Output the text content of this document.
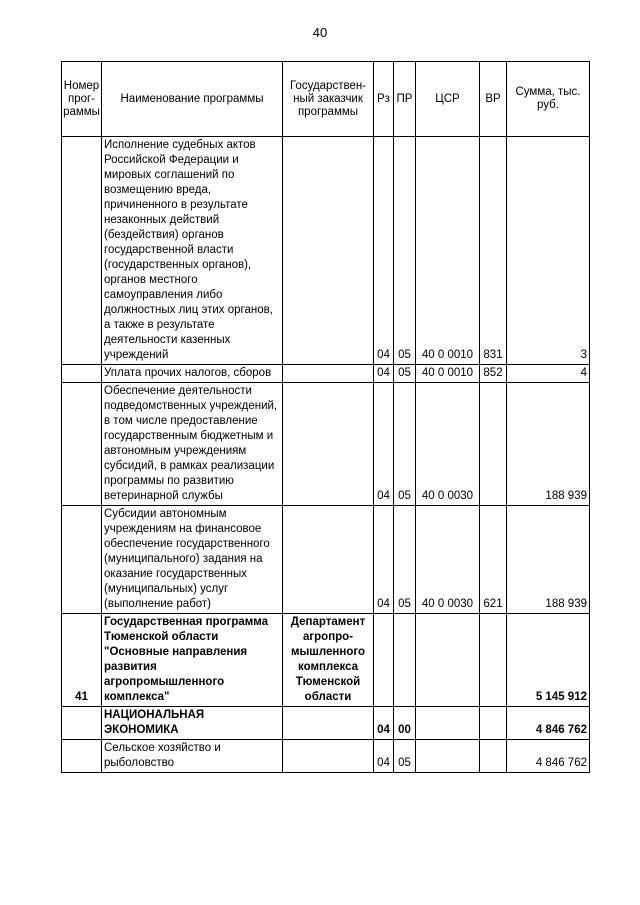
40
Номер прог-раммы	Наименование программы	Государствен-ный заказчик программы	Рз	ПР	ЦСР	ВР	Сумма, тыс. руб.
	Исполнение судебных актов Российской Федерации и мировых соглашений по возмещению вреда, причиненного в результате незаконных действий (бездействия) органов государственной власти (государственных органов), органов местного самоуправления либо должностных лиц этих органов, а также в результате деятельности казенных учреждений		04	05	40 0 0010	831	3
	Уплата прочих налогов, сборов		04	05	40 0 0010	852	4
	Обеспечение деятельности подведомственных учреждений, в том числе предоставление государственным бюджетным и автономным учреждениям субсидий, в рамках реализации программы по развитию ветеринарной службы		04	05	40 0 0030		188 939
	Субсидии автономным учреждениям на финансовое обеспечение государственного (муниципального) задания на оказание государственных (муниципальных) услуг (выполнение работ)		04	05	40 0 0030	621	188 939
41	Государственная программа Тюменской области "Основные направления развития агропромышленного комплекса"	Департамент агропро-мышленного комплекса Тюменской области					5 145 912
	НАЦИОНАЛЬНАЯ ЭКОНОМИКА		04	00			4 846 762
	Сельское хозяйство и рыболовство		04	05			4 846 762
